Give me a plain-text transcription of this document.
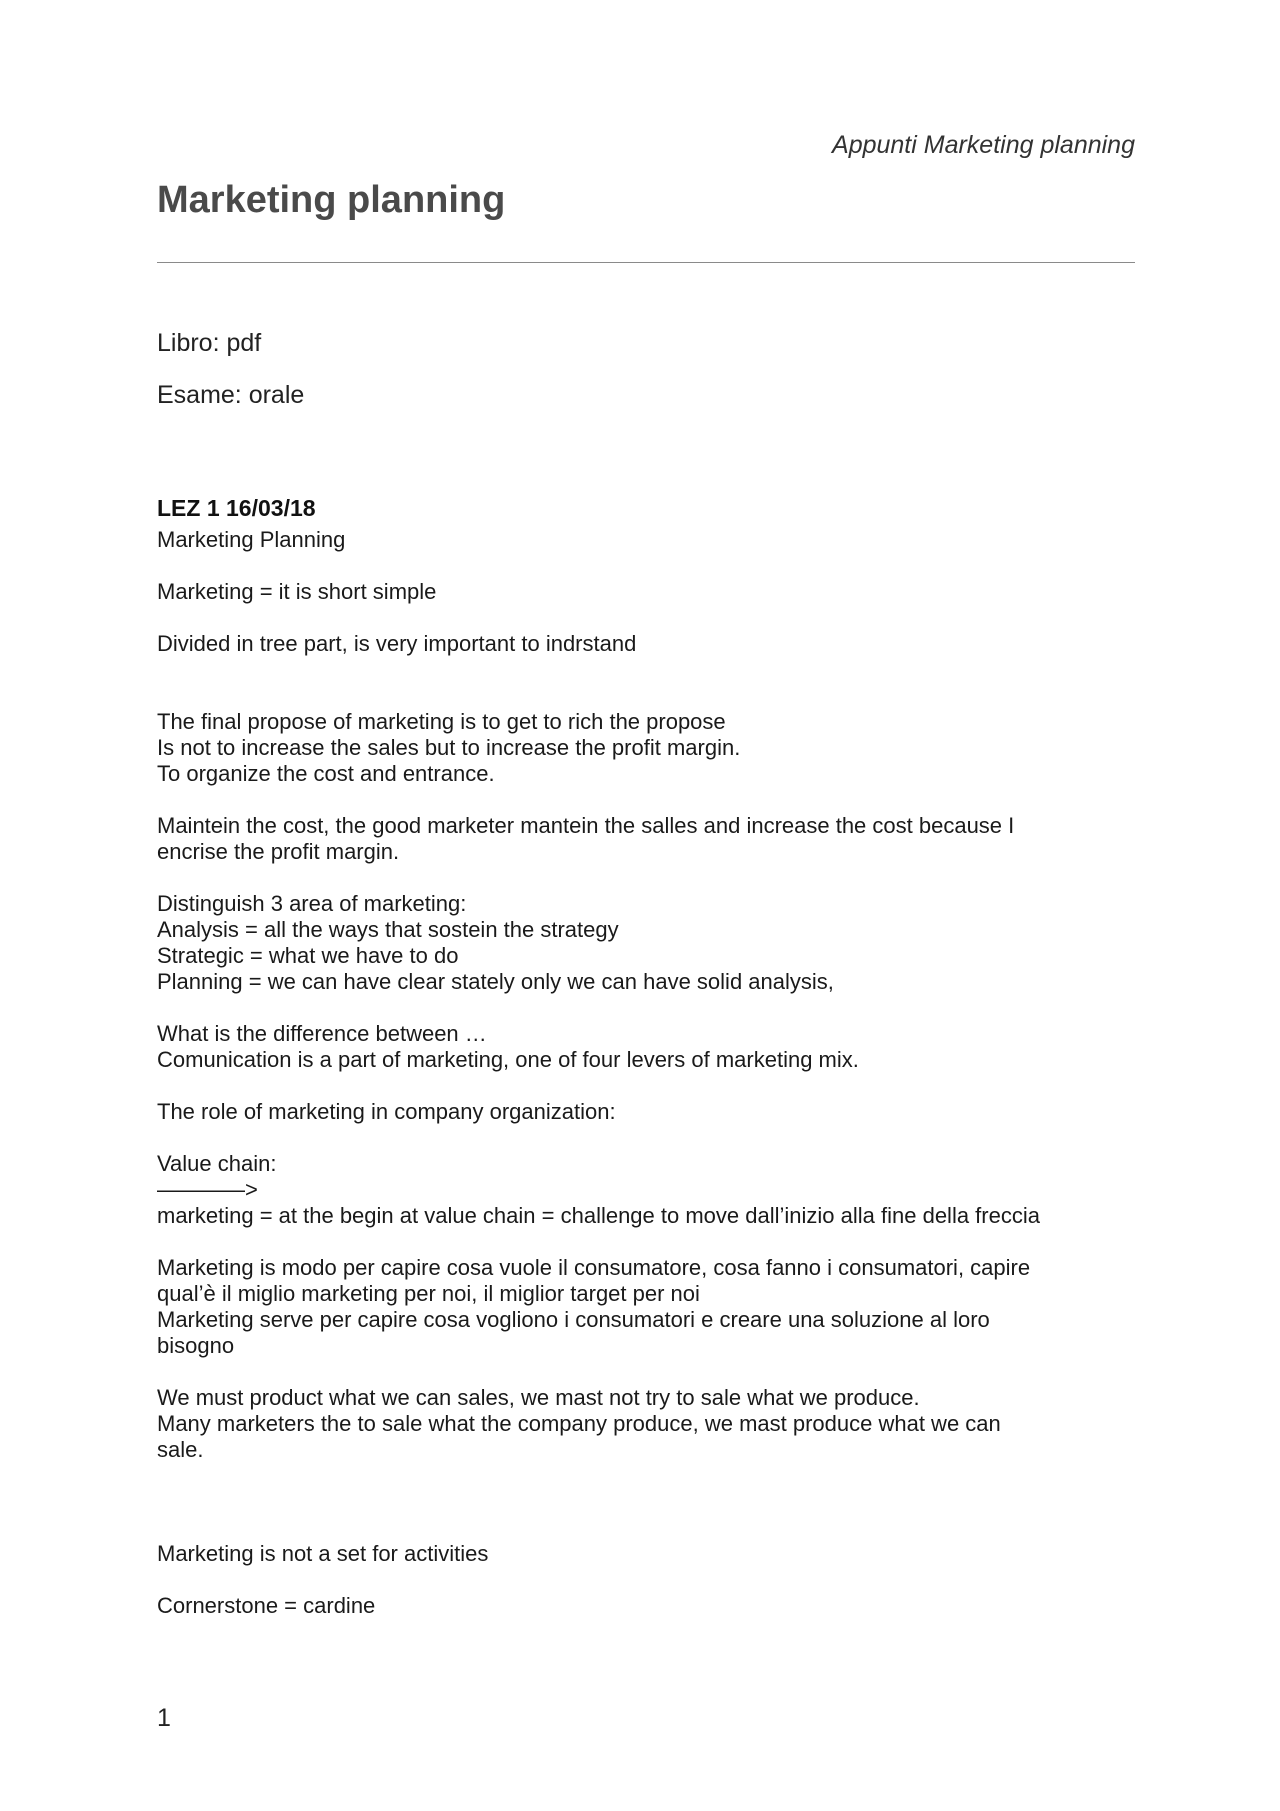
Appunti Marketing planning
Marketing planning
Libro: pdf
Esame: orale
LEZ 1 16/03/18
Marketing Planning
Marketing = it is short simple
Divided in tree part, is very important to indrstand
The final propose of marketing is to get to rich the propose
Is not to increase the sales but to increase the profit margin.
To organize the cost and entrance.
Maintein the cost, the good marketer mantein the salles and increase the cost because I
encrise the profit margin.
Distinguish 3 area of marketing:
Analysis = all the ways that sostein the strategy
Strategic = what we have to do
Planning = we can have clear stately only we can have solid analysis,
What is the difference between …
Comunication is a part of marketing, one of four levers of marketing mix.
The role of marketing in company organization:
Value chain:
————>
marketing = at the begin at value chain = challenge to move dall’inizio alla fine della freccia
Marketing is modo per capire cosa vuole il consumatore, cosa fanno i consumatori, capire
qual’è il miglio marketing per noi, il miglior target per noi
Marketing serve per capire cosa vogliono i consumatori e creare una soluzione al loro
bisogno
We must product what we can sales, we mast not try to sale what we produce.
Many marketers the to sale what the company produce, we mast produce what we can
sale.
Marketing is not a set for activities
Cornerstone = cardine
1
